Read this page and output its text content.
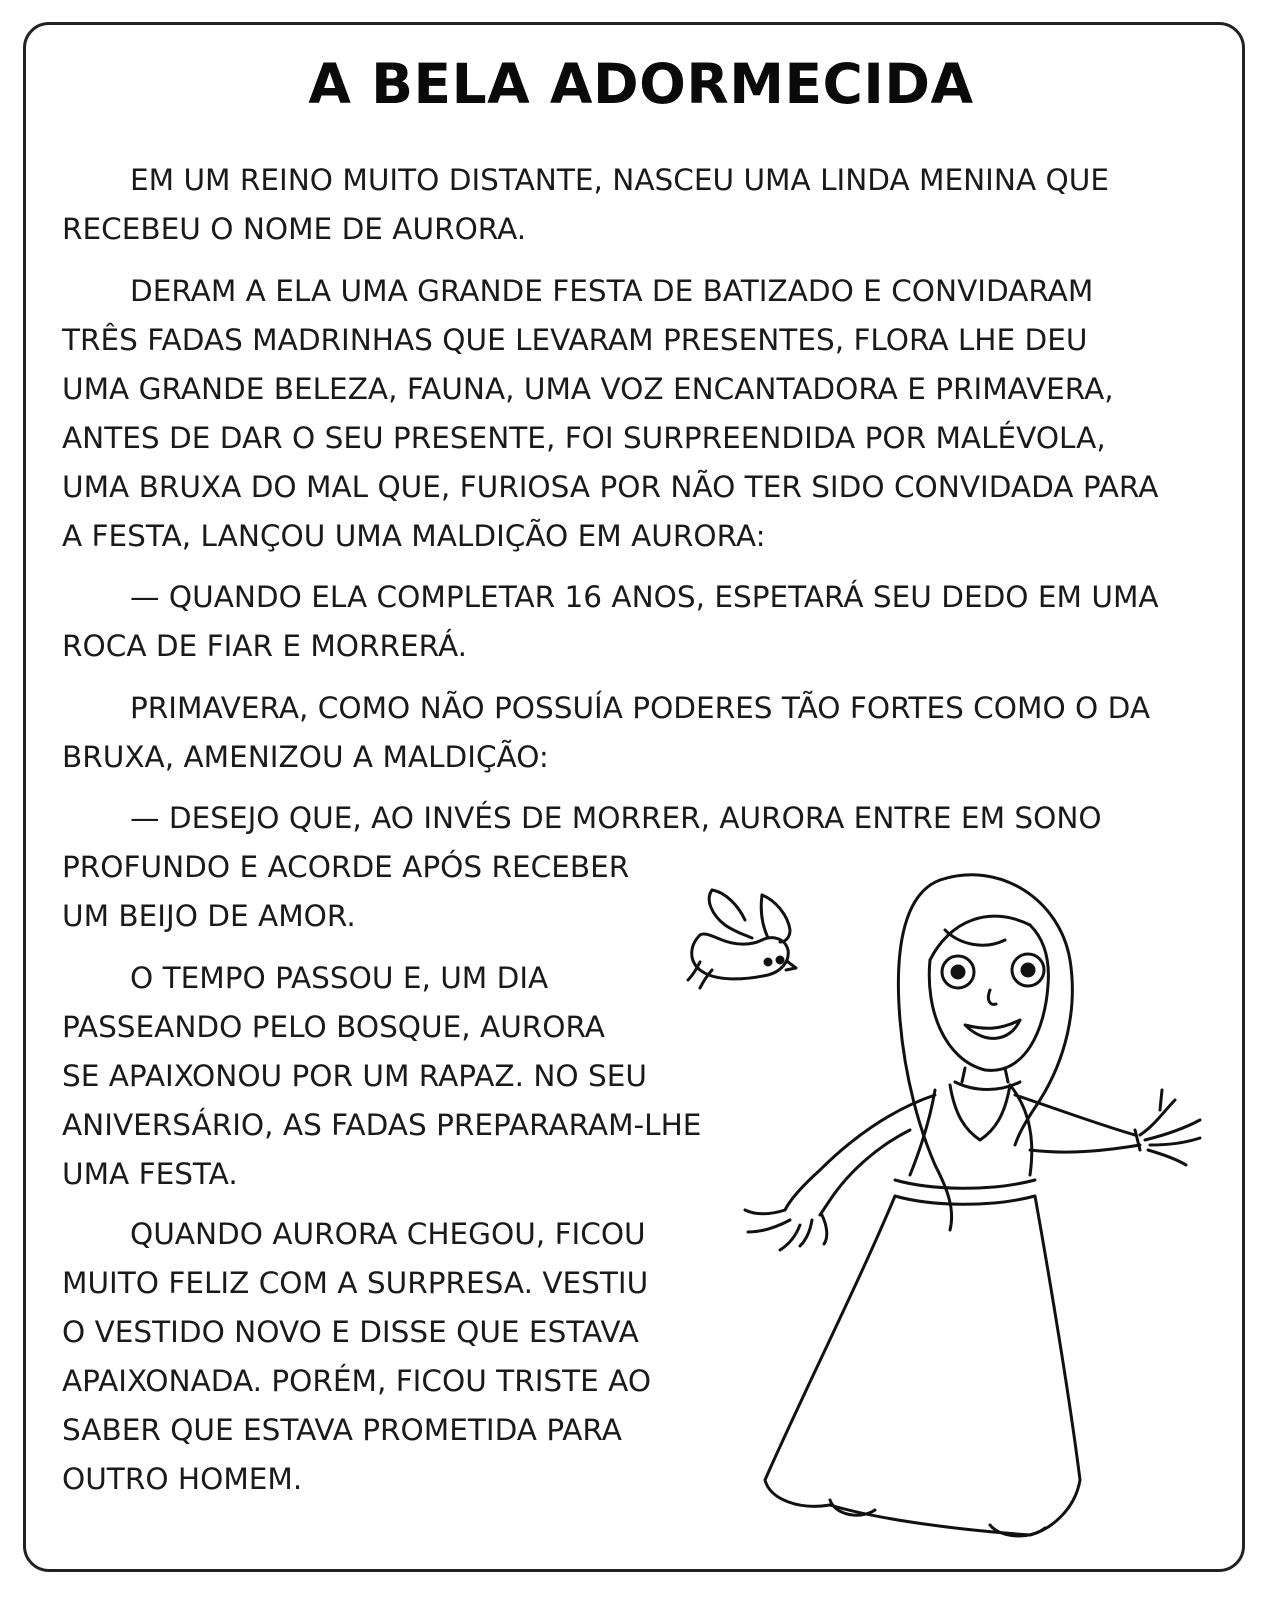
A BELA ADORMECIDA
EM UM REINO MUITO DISTANTE, NASCEU UMA LINDA MENINA QUE
RECEBEU O NOME DE AURORA.
DERAM A ELA UMA GRANDE FESTA DE BATIZADO E CONVIDARAM
TRÊS FADAS MADRINHAS QUE LEVARAM PRESENTES, FLORA LHE DEU
UMA GRANDE BELEZA, FAUNA, UMA VOZ ENCANTADORA E PRIMAVERA,
ANTES DE DAR O SEU PRESENTE, FOI SURPREENDIDA POR MALÉVOLA,
UMA BRUXA DO MAL QUE, FURIOSA POR NÃO TER SIDO CONVIDADA PARA
A FESTA, LANÇOU UMA MALDIÇÃO EM AURORA:
— QUANDO ELA COMPLETAR 16 ANOS, ESPETARÁ SEU DEDO EM UMA
ROCA DE FIAR E MORRERÁ.
PRIMAVERA, COMO NÃO POSSUÍA PODERES TÃO FORTES COMO O DA
BRUXA, AMENIZOU A MALDIÇÃO:
— DESEJO QUE, AO INVÉS DE MORRER, AURORA ENTRE EM SONO
PROFUNDO E ACORDE APÓS RECEBER
UM BEIJO DE AMOR.
O TEMPO PASSOU E, UM DIA
PASSEANDO PELO BOSQUE, AURORA
SE APAIXONOU POR UM RAPAZ. NO SEU
ANIVERSÁRIO, AS FADAS PREPARARAM-LHE
UMA FESTA.
QUANDO AURORA CHEGOU, FICOU
MUITO FELIZ COM A SURPRESA. VESTIU
O VESTIDO NOVO E DISSE QUE ESTAVA
APAIXONADA. PORÉM, FICOU TRISTE AO
SABER QUE ESTAVA PROMETIDA PARA
OUTRO HOMEM.
